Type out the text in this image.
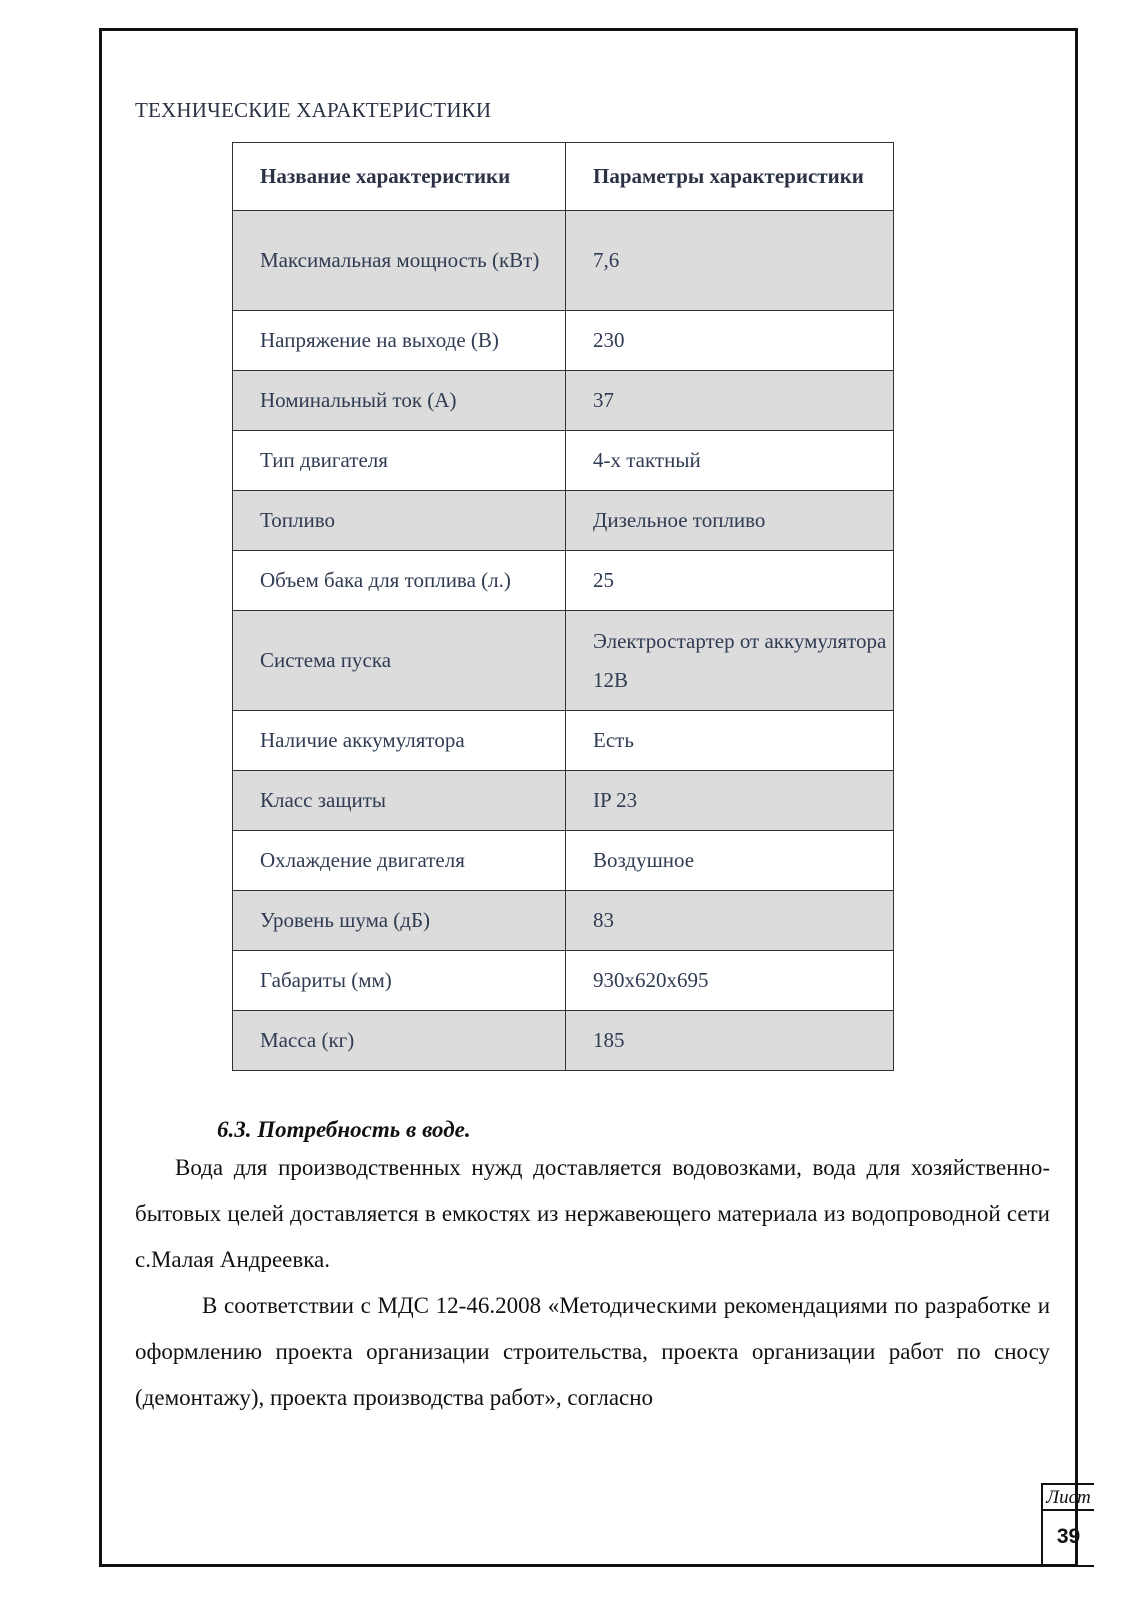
ТЕХНИЧЕСКИЕ ХАРАКТЕРИСТИКИ
Название характеристики	Параметры характеристики
Максимальная мощность (кВт)	7,6
Напряжение на выходе (В)	230
Номинальный ток (А)	37
Тип двигателя	4-х тактный
Топливо	Дизельное топливо
Объем бака для топлива (л.)	25
Система пуска	Электростартер от аккумулятора 12В
Наличие аккумулятора	Есть
Класс защиты	IP 23
Охлаждение двигателя	Воздушное
Уровень шума (дБ)	83
Габариты (мм)	930х620х695
Масса (кг)	185
6.3. Потребность в воде.

Вода для производственных нужд доставляется водовозками, вода для хозяйственно-бытовых целей доставляется в емкостях из нержавеющего материала из водопроводной сети с.Малая Андреевка.

В соответствии с МДС 12-46.2008 «Методическими рекомендациями по разработке и оформлению проекта организации строительства, проекта организации работ по сносу (демонтажу), проекта производства работ», согласно

Лист
39
